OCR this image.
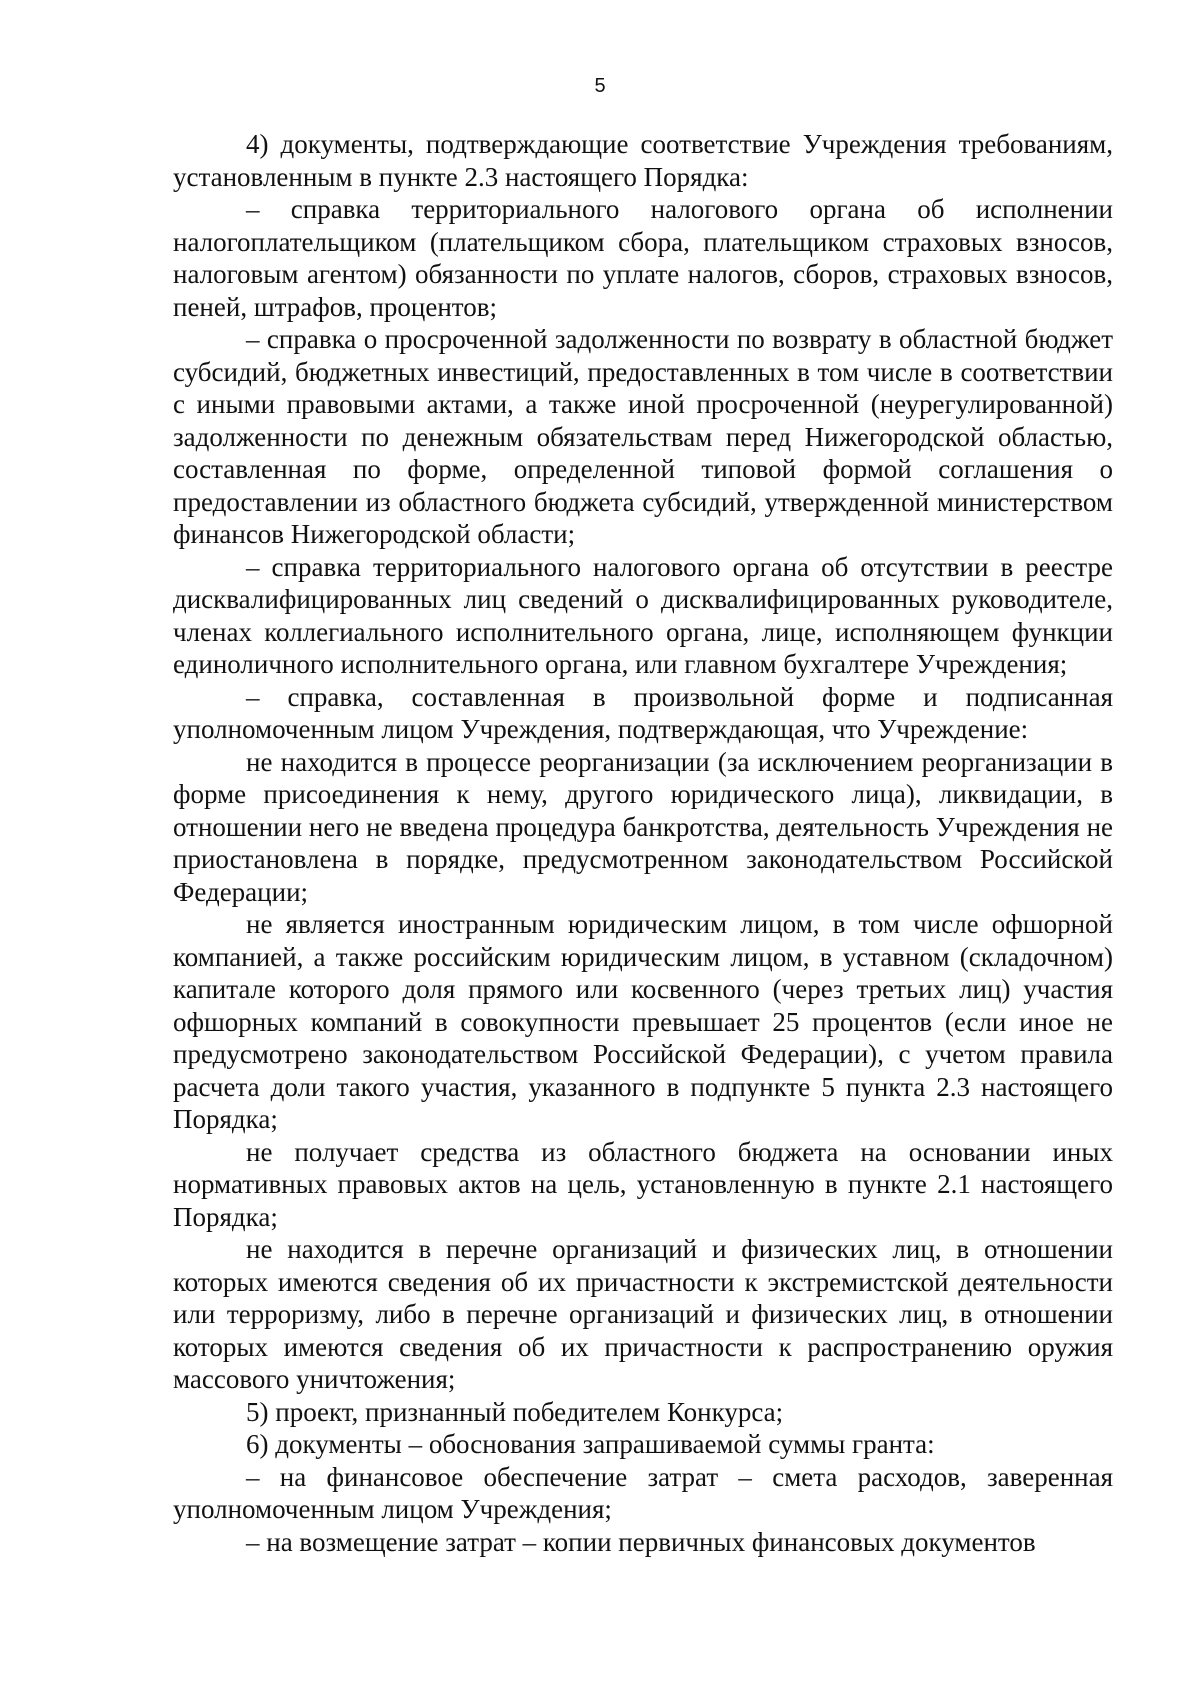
5

4) документы, подтверждающие соответствие Учреждения требованиям, установленным в пункте 2.3 настоящего Порядка:

– справка территориального налогового органа об исполнении налогоплательщиком (плательщиком сбора, плательщиком страховых взносов, налоговым агентом) обязанности по уплате налогов, сборов, страховых взносов, пеней, штрафов, процентов;

– справка о просроченной задолженности по возврату в областной бюджет субсидий, бюджетных инвестиций, предоставленных в том числе в соответствии с иными правовыми актами, а также иной просроченной (неурегулированной) задолженности по денежным обязательствам перед Нижегородской областью, составленная по форме, определенной типовой формой соглашения о предоставлении из областного бюджета субсидий, утвержденной министерством финансов Нижегородской области;

– справка территориального налогового органа об отсутствии в реестре дисквалифицированных лиц сведений о дисквалифицированных руководителе, членах коллегиального исполнительного органа, лице, исполняющем функции единоличного исполнительного органа, или главном бухгалтере Учреждения;

– справка, составленная в произвольной форме и подписанная уполномоченным лицом Учреждения, подтверждающая, что Учреждение:

не находится в процессе реорганизации (за исключением реорганизации в форме присоединения к нему, другого юридического лица), ликвидации, в отношении него не введена процедура банкротства, деятельность Учреждения не приостановлена в порядке, предусмотренном законодательством Российской Федерации;

не является иностранным юридическим лицом, в том числе офшорной компанией, а также российским юридическим лицом, в уставном (складочном) капитале которого доля прямого или косвенного (через третьих лиц) участия офшорных компаний в совокупности превышает 25 процентов (если иное не предусмотрено законодательством Российской Федерации), с учетом правила расчета доли такого участия, указанного в подпункте 5 пункта 2.3 настоящего Порядка;

не получает средства из областного бюджета на основании иных нормативных правовых актов на цель, установленную в пункте 2.1 настоящего Порядка;

не находится в перечне организаций и физических лиц, в отношении которых имеются сведения об их причастности к экстремистской деятельности или терроризму, либо в перечне организаций и физических лиц, в отношении которых имеются сведения об их причастности к распространению оружия массового уничтожения;

5) проект, признанный победителем Конкурса;

6) документы – обоснования запрашиваемой суммы гранта:

– на финансовое обеспечение затрат – смета расходов, заверенная уполномоченным лицом Учреждения;

– на возмещение затрат – копии первичных финансовых документов
